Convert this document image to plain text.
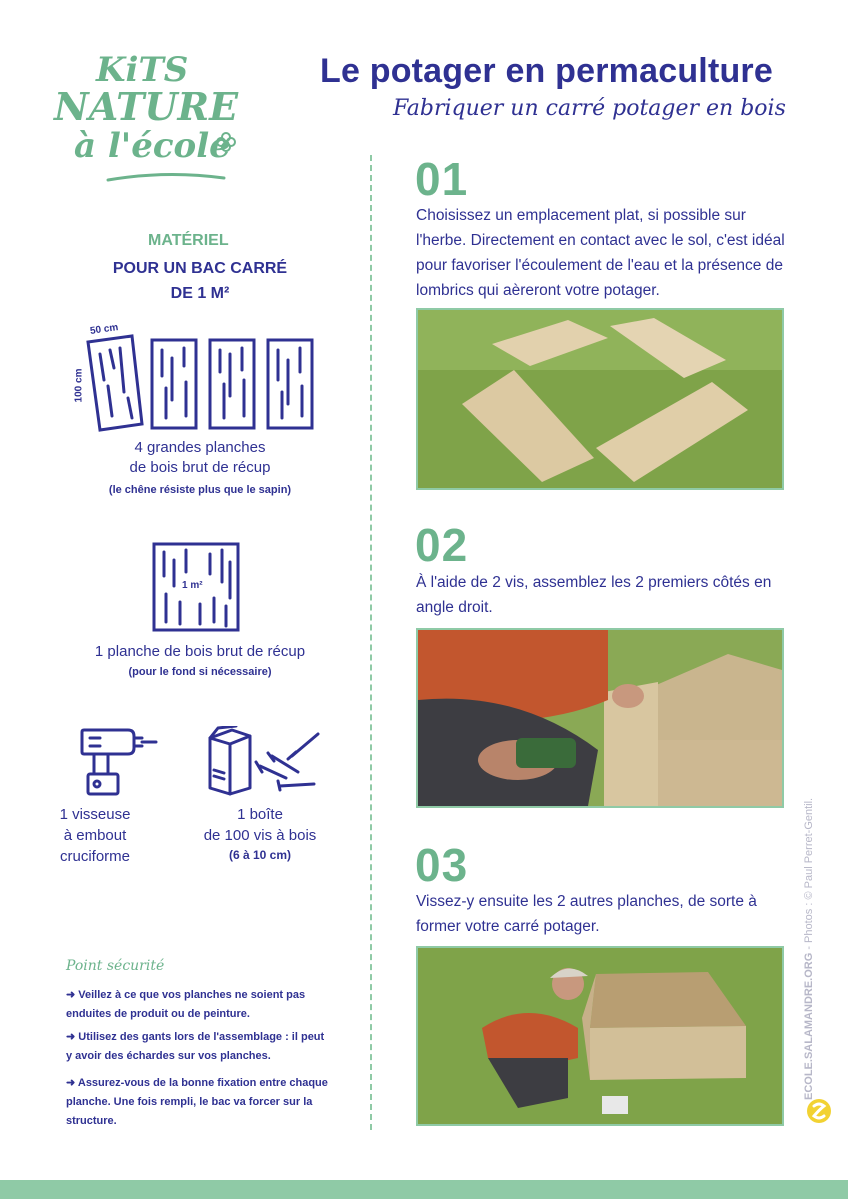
KiTS
NATURE
à l'école
Le potager en permaculture
Fabriquer un carré potager en bois
MATÉRIEL
POUR UN BAC CARRÉ
DE 1 M²
50 cm
100 cm
4 grandes planches
de bois brut de récup
(le chêne résiste plus que le sapin)
1 m²
1 planche de bois brut de récup
(pour le fond si nécessaire)
1 visseuse
à embout
cruciforme
1 boîte
de 100 vis à bois
(6 à 10 cm)
Point sécurité
➜ Veillez à ce que vos planches ne soient pas enduites de produit ou de peinture.
➜ Utilisez des gants lors de l'assemblage : il peut y avoir des échardes sur vos planches.
➜ Assurez-vous de la bonne fixation entre chaque planche. Une fois rempli, le bac va forcer sur la structure.
01
Choisissez un emplacement plat, si possible sur l'herbe. Directement en contact avec le sol, c'est idéal pour favoriser l'écoulement de l'eau et la présence de lombrics qui aèreront votre potager.
02
À l'aide de 2 vis, assemblez les 2 premiers côtés en angle droit.
03
Vissez-y ensuite les 2 autres planches, de sorte à former votre carré potager.
ECOLE.SALAMANDRE.ORG - Photos : © Paul Perret-Gentil.
